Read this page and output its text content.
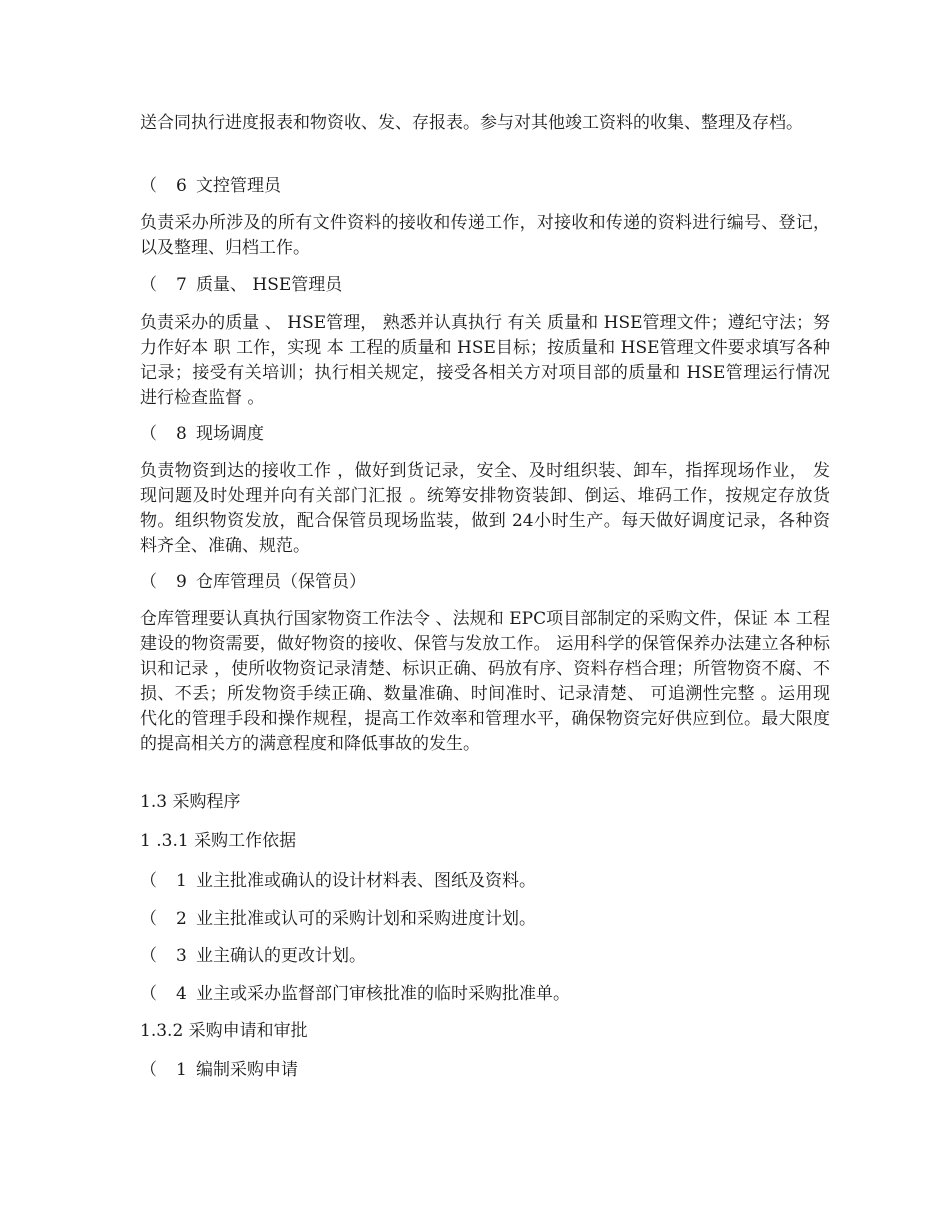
送合同执行进度报表和物资收、发、存报表。参与对其他竣工资料的收集、整理及存档。

（ 6 文控管理员

负责采办所涉及的所有文件资料的接收和传递工作，对接收和传递的资料进行编号、登记，以及整理、归档工作。

（ 7 质量、 HSE管理员

负责采办的质量 、 HSE管理， 熟悉并认真执行 有关 质量和 HSE管理文件；遵纪守法；努力作好本 职 工作，实现 本 工程的质量和 HSE目标；按质量和 HSE管理文件要求填写各种记录；接受有关培训；执行相关规定，接受各相关方对项目部的质量和 HSE管理运行情况进行检查监督 。

（ 8 现场调度

负责物资到达的接收工作 ，做好到货记录，安全、及时组织装、卸车，指挥现场作业， 发现问题及时处理并向有关部门汇报 。统筹安排物资装卸、倒运、堆码工作，按规定存放货物。组织物资发放，配合保管员现场监装，做到 24小时生产。每天做好调度记录，各种资料齐全、准确、规范。

（ 9 仓库管理员（保管员）

仓库管理要认真执行国家物资工作法令 、法规和 EPC项目部制定的采购文件，保证 本 工程建设的物资需要，做好物资的接收、保管与发放工作。 运用科学的保管保养办法建立各种标识和记录 ，使所收物资记录清楚、标识正确、码放有序、资料存档合理；所管物资不腐、不损、不丢；所发物资手续正确、数量准确、时间准时、记录清楚、 可追溯性完整 。运用现代化的管理手段和操作规程，提高工作效率和管理水平，确保物资完好供应到位。最大限度的提高相关方的满意程度和降低事故的发生。

1.3 采购程序
1 .3.1 采购工作依据
（ 1 业主批准或确认的设计材料表、图纸及资料。
（ 2 业主批准或认可的采购计划和采购进度计划。
（ 3 业主确认的更改计划。
（ 4 业主或采办监督部门审核批准的临时采购批准单。
1.3.2 采购申请和审批
（ 1 编制采购申请
